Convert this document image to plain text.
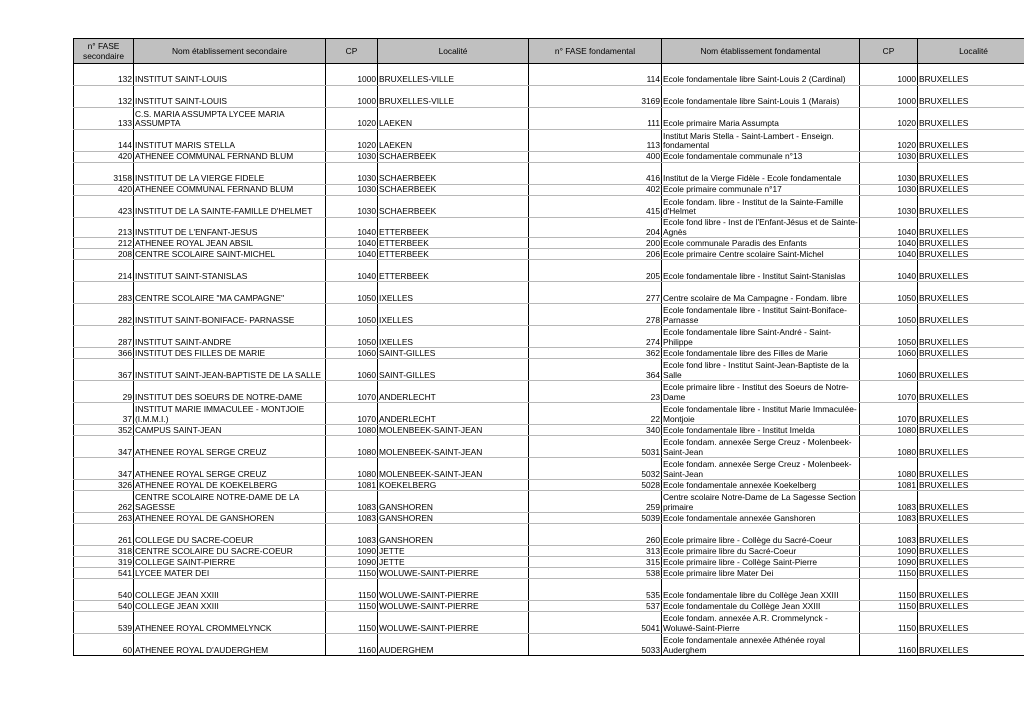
n° FASE secondaire	Nom établissement secondaire	CP	Localité	n° FASE fondamental	Nom établissement fondamental	CP	Localité
132	INSTITUT SAINT-LOUIS	1000	BRUXELLES-VILLE	114	Ecole fondamentale libre Saint-Louis 2 (Cardinal)	1000	BRUXELLES
132	INSTITUT SAINT-LOUIS	1000	BRUXELLES-VILLE	3169	Ecole fondamentale libre Saint-Louis 1 (Marais)	1000	BRUXELLES
133	C.S. MARIA ASSUMPTA LYCEE MARIA ASSUMPTA	1020	LAEKEN	111	Ecole primaire Maria Assumpta	1020	BRUXELLES
144	INSTITUT MARIS STELLA	1020	LAEKEN	113	Institut Maris Stella - Saint-Lambert - Enseign. fondamental	1020	BRUXELLES
420	ATHENEE COMMUNAL FERNAND BLUM	1030	SCHAERBEEK	400	Ecole fondamentale communale n°13	1030	BRUXELLES
3158	INSTITUT DE LA VIERGE FIDELE	1030	SCHAERBEEK	416	Institut de la Vierge Fidèle - Ecole fondamentale	1030	BRUXELLES
420	ATHENEE COMMUNAL FERNAND BLUM	1030	SCHAERBEEK	402	Ecole primaire communale n°17	1030	BRUXELLES
423	INSTITUT DE LA SAINTE-FAMILLE D'HELMET	1030	SCHAERBEEK	415	Ecole fondam. libre - Institut de la Sainte-Famille d'Helmet	1030	BRUXELLES
213	INSTITUT DE L'ENFANT-JESUS	1040	ETTERBEEK	204	Ecole fond libre - Inst de l'Enfant-Jésus et de Sainte-Agnès	1040	BRUXELLES
212	ATHENEE ROYAL JEAN ABSIL	1040	ETTERBEEK	200	Ecole communale Paradis des Enfants	1040	BRUXELLES
208	CENTRE SCOLAIRE SAINT-MICHEL	1040	ETTERBEEK	206	Ecole primaire Centre scolaire Saint-Michel	1040	BRUXELLES
214	INSTITUT SAINT-STANISLAS	1040	ETTERBEEK	205	Ecole fondamentale libre - Institut Saint-Stanislas	1040	BRUXELLES
283	CENTRE SCOLAIRE "MA CAMPAGNE"	1050	IXELLES	277	Centre scolaire de Ma Campagne - Fondam. libre	1050	BRUXELLES
282	INSTITUT SAINT-BONIFACE- PARNASSE	1050	IXELLES	278	Ecole fondamentale libre - Institut Saint-Boniface-Parnasse	1050	BRUXELLES
287	INSTITUT SAINT-ANDRE	1050	IXELLES	274	Ecole fondamentale libre Saint-André - Saint-Philippe	1050	BRUXELLES
366	INSTITUT DES FILLES DE MARIE	1060	SAINT-GILLES	362	Ecole fondamentale libre des Filles de Marie	1060	BRUXELLES
367	INSTITUT SAINT-JEAN-BAPTISTE DE LA SALLE	1060	SAINT-GILLES	364	Ecole fond libre - Institut Saint-Jean-Baptiste de la Salle	1060	BRUXELLES
29	INSTITUT DES SOEURS DE NOTRE-DAME	1070	ANDERLECHT	23	Ecole primaire libre - Institut des Soeurs de Notre-Dame	1070	BRUXELLES
37	INSTITUT MARIE IMMACULEE - MONTJOIE (I.M.M.I.)	1070	ANDERLECHT	22	Ecole fondamentale libre - Institut Marie Immaculée-Montjoie	1070	BRUXELLES
352	CAMPUS SAINT-JEAN	1080	MOLENBEEK-SAINT-JEAN	340	Ecole fondamentale libre - Institut Imelda	1080	BRUXELLES
347	ATHENEE ROYAL SERGE CREUZ	1080	MOLENBEEK-SAINT-JEAN	5031	Ecole fondam. annexée Serge Creuz - Molenbeek-Saint-Jean	1080	BRUXELLES
347	ATHENEE ROYAL SERGE CREUZ	1080	MOLENBEEK-SAINT-JEAN	5032	Ecole fondam. annexée Serge Creuz - Molenbeek-Saint-Jean	1080	BRUXELLES
326	ATHENEE ROYAL DE KOEKELBERG	1081	KOEKELBERG	5028	Ecole fondamentale annexée Koekelberg	1081	BRUXELLES
262	CENTRE SCOLAIRE NOTRE-DAME DE LA SAGESSE	1083	GANSHOREN	259	Centre scolaire Notre-Dame de La Sagesse Section primaire	1083	BRUXELLES
263	ATHENEE ROYAL DE GANSHOREN	1083	GANSHOREN	5039	Ecole fondamentale annexée Ganshoren	1083	BRUXELLES
261	COLLEGE DU SACRE-COEUR	1083	GANSHOREN	260	Ecole primaire libre - Collège du Sacré-Coeur	1083	BRUXELLES
318	CENTRE SCOLAIRE DU SACRE-COEUR	1090	JETTE	313	Ecole primaire libre du Sacré-Coeur	1090	BRUXELLES
319	COLLEGE SAINT-PIERRE	1090	JETTE	315	Ecole primaire libre - Collège Saint-Pierre	1090	BRUXELLES
541	LYCEE MATER DEI	1150	WOLUWE-SAINT-PIERRE	538	Ecole primaire libre Mater Dei	1150	BRUXELLES
540	COLLEGE JEAN XXIII	1150	WOLUWE-SAINT-PIERRE	535	Ecole fondamentale libre du Collège Jean XXIII	1150	BRUXELLES
540	COLLEGE JEAN XXIII	1150	WOLUWE-SAINT-PIERRE	537	Ecole fondamentale du Collège Jean XXIII	1150	BRUXELLES
539	ATHENEE ROYAL CROMMELYNCK	1150	WOLUWE-SAINT-PIERRE	5041	Ecole fondam. annexée A.R. Crommelynck - Woluwé-Saint-Pierre	1150	BRUXELLES
60	ATHENEE ROYAL D'AUDERGHEM	1160	AUDERGHEM	5033	Ecole fondamentale annexée Athénée royal Auderghem	1160	BRUXELLES
